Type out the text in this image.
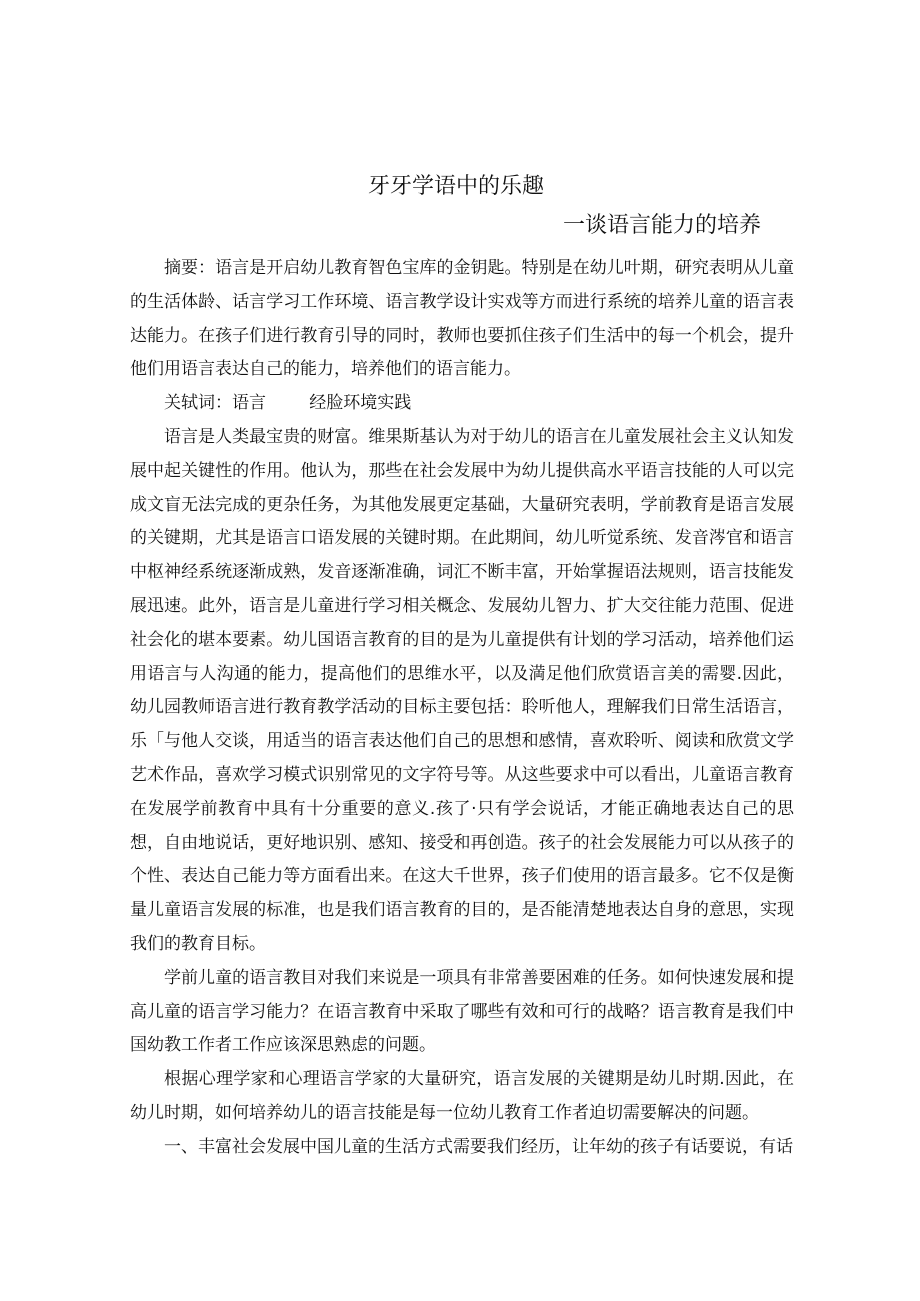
牙牙学语中的乐趣
一谈语言能力的培养

摘要：语言是开启幼儿教育智色宝库的金钥匙。特别是在幼儿叶期，研究表明从儿童的生活体龄、话言学习工作环境、语言教学设计实戏等方而进行系统的培养儿童的语言表达能力。在孩子们进行教育引导的同时，教师也要抓住孩子们生活中的每一个机会，提升他们用语言表达自己的能力，培养他们的语言能力。

关轼词：语言        经脸环境实践

语言是人类最宝贵的财富。维果斯基认为对于幼儿的语言在儿童发展社会主义认知发展中起关键性的作用。他认为，那些在社会发展中为幼儿提供高水平语言技能的人可以完成文盲无法完成的更杂任务，为其他发展更定基础，大量研究表明，学前教育是语言发展的关键期，尤其是语言口语发展的关键时期。在此期间，幼儿听觉系统、发音涔官和语言中枢神经系统逐渐成熟，发音逐渐准确，词汇不断丰富，开始掌握语法规则，语言技能发展迅速。此外，语言是儿童进行学习相关概念、发展幼儿智力、扩大交往能力范围、促进社会化的堪本要素。幼儿国语言教育的目的是为儿童提供有计划的学习活动，培养他们运用语言与人沟通的能力，提高他们的思维水平，以及満足他们欣赏语言美的需婴.因此，幼儿园教师语言进行教育教学活动的目标主要包括：聆听他人，理解我们日常生活语言，乐「与他人交谈，用适当的语言表达他们自己的思想和感情，喜欢聆听、阅读和欣赏文学艺术作品，喜欢学习模式识别常见的文字符号等。从这些要求中可以看出，儿童语言教育在发展学前教育中具有十分重要的意义.孩了·只有学会说话，才能正确地表达自己的思想，自由地说话，更好地识别、感知、接受和再创造。孩子的社会发展能力可以从孩子的个性、表达自己能力等方面看出来。在这大千世界，孩子们使用的语言最多。它不仅是衡量儿童语言发展的标准，也是我们语言教育的目的，是否能清楚地表达自身的意思，实现我们的教育目标。

学前儿童的语言教目对我们来说是一项具有非常善要困难的任务。如何快速发展和提高儿童的语言学习能力？在语言教育中采取了哪些有效和可行的战略？语言教育是我们中国幼教工作者工作应该深思熟虑的问题。

根据心理学家和心理语言学家的大量研究，语言发展的关键期是幼儿时期.因此，在幼儿时期，如何培养幼儿的语言技能是每一位幼儿教育工作者迫切需要解决的问题。

一、丰富社会发展中国儿童的生活方式需要我们经历，让年幼的孩子有话要说，有话
